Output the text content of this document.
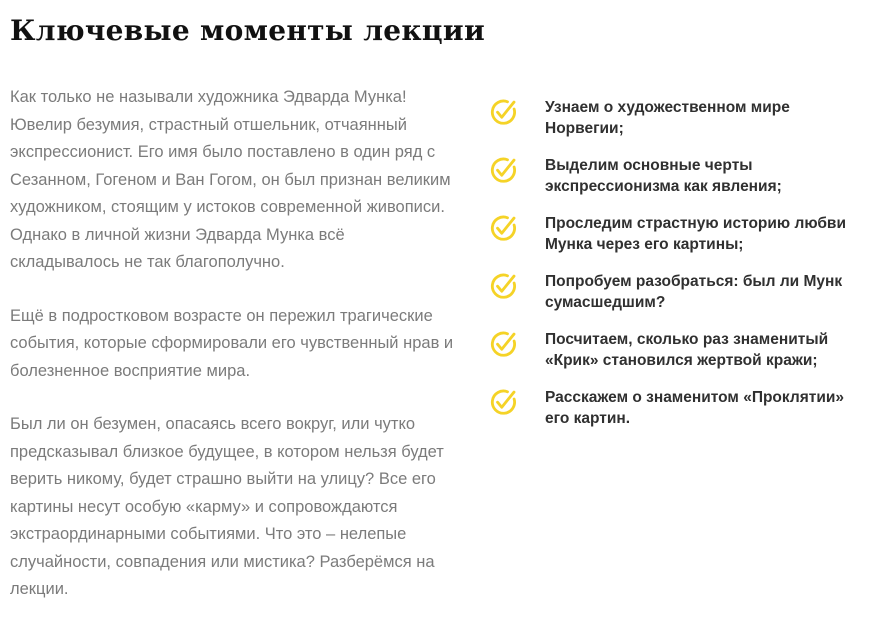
Ключевые моменты лекции

Как только не называли художника Эдварда Мунка! Ювелир безумия, страстный отшельник, отчаянный экспрессионист. Его имя было поставлено в один ряд с Сезанном, Гогеном и Ван Гогом, он был признан великим художником, стоящим у истоков современной живописи. Однако в личной жизни Эдварда Мунка всё складывалось не так благополучно.

Ещё в подростковом возрасте он пережил трагические события, которые сформировали его чувственный нрав и болезненное восприятие мира.

Был ли он безумен, опасаясь всего вокруг, или чутко предсказывал близкое будущее, в котором нельзя будет верить никому, будет страшно выйти на улицу? Все его картины несут особую «карму» и сопровождаются экстраординарными событиями. Что это – нелепые случайности, совпадения или мистика? Разберёмся на лекции.

Узнаем о художественном мире Норвегии;

Выделим основные черты экспрессионизма как явления;

Проследим страстную историю любви Мунка через его картины;

Попробуем разобраться: был ли Мунк сумасшедшим?

Посчитаем, сколько раз знаменитый «Крик» становился жертвой кражи;

Расскажем о знаменитом «Проклятии» его картин.
